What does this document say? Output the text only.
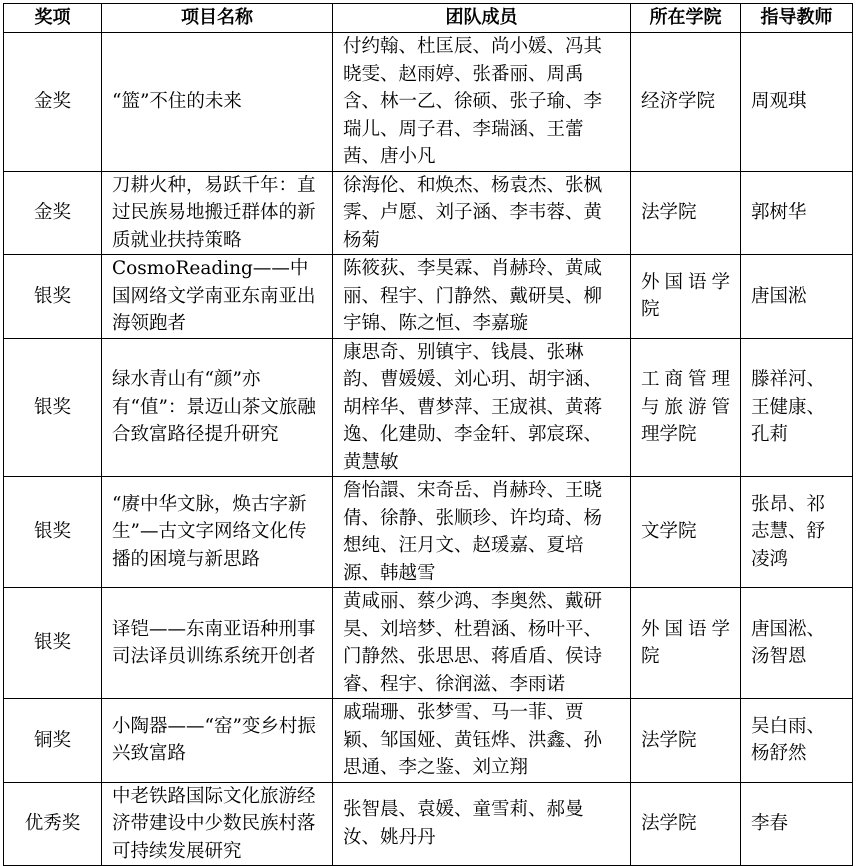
奖项	项目名称	团队成员	所在学院	指导教师
金奖	“篮”不住的未来	付约翰、杜匡辰、尚小媛、冯其晓雯、赵雨婷、张番丽、周禹含、林一乙、徐硕、张子瑜、李瑞儿、周子君、李瑞涵、王蕾茜、唐小凡	经济学院	周观琪
金奖	刀耕火种，易跃千年：直过民族易地搬迁群体的新质就业扶持策略	徐海伦、和焕杰、杨袁杰、张枫霁、卢愿、刘子涵、李韦蓉、黄杨菊	法学院	郭树华
银奖	CosmoReading——中国网络文学南亚东南亚出海领跑者	陈筱荻、李昊霖、肖赫玲、黄咸丽、程宇、门静然、戴研昊、柳宇锦、陈之恒、李嘉璇	外国语学院	唐国淞
银奖	绿水青山有“颜”亦有“值”：景迈山茶文旅融合致富路径提升研究	康思奇、别镇宇、钱晨、张琳韵、曹媛媛、刘心玥、胡宇涵、胡梓华、曹梦萍、王宬祺、黄蒋逸、化建勋、李金轩、郭宸琛、黄慧敏	工商管理与旅游管理学院	滕祥河、王健康、孔莉
银奖	“赓中华文脉，焕古字新生”—古文字网络文化传播的困境与新思路	詹怡譞、宋奇岳、肖赫玲、王晓倩、徐静、张顺珍、许均琦、杨想纯、汪月文、赵瑗嘉、夏培源、韩越雪	文学院	张昂、祁志慧、舒凌鸿
银奖	译铠——东南亚语种刑事司法译员训练系统开创者	黄咸丽、蔡少鸿、李奥然、戴研昊、刘培梦、杜碧涵、杨叶平、门静然、张思思、蒋盾盾、侯诗睿、程宇、徐润滋、李雨诺	外国语学院	唐国淞、汤智恩
铜奖	小陶器——“窑”变乡村振兴致富路	戚瑞珊、张梦雪、马一菲、贾颖、邹国娅、黄钰烨、洪鑫、孙思通、李之鉴、刘立翔	法学院	吴白雨、杨舒然
优秀奖	中老铁路国际文化旅游经济带建设中少数民族村落可持续发展研究	张智晨、袁媛、童雪莉、郝曼汝、姚丹丹	法学院	李春
